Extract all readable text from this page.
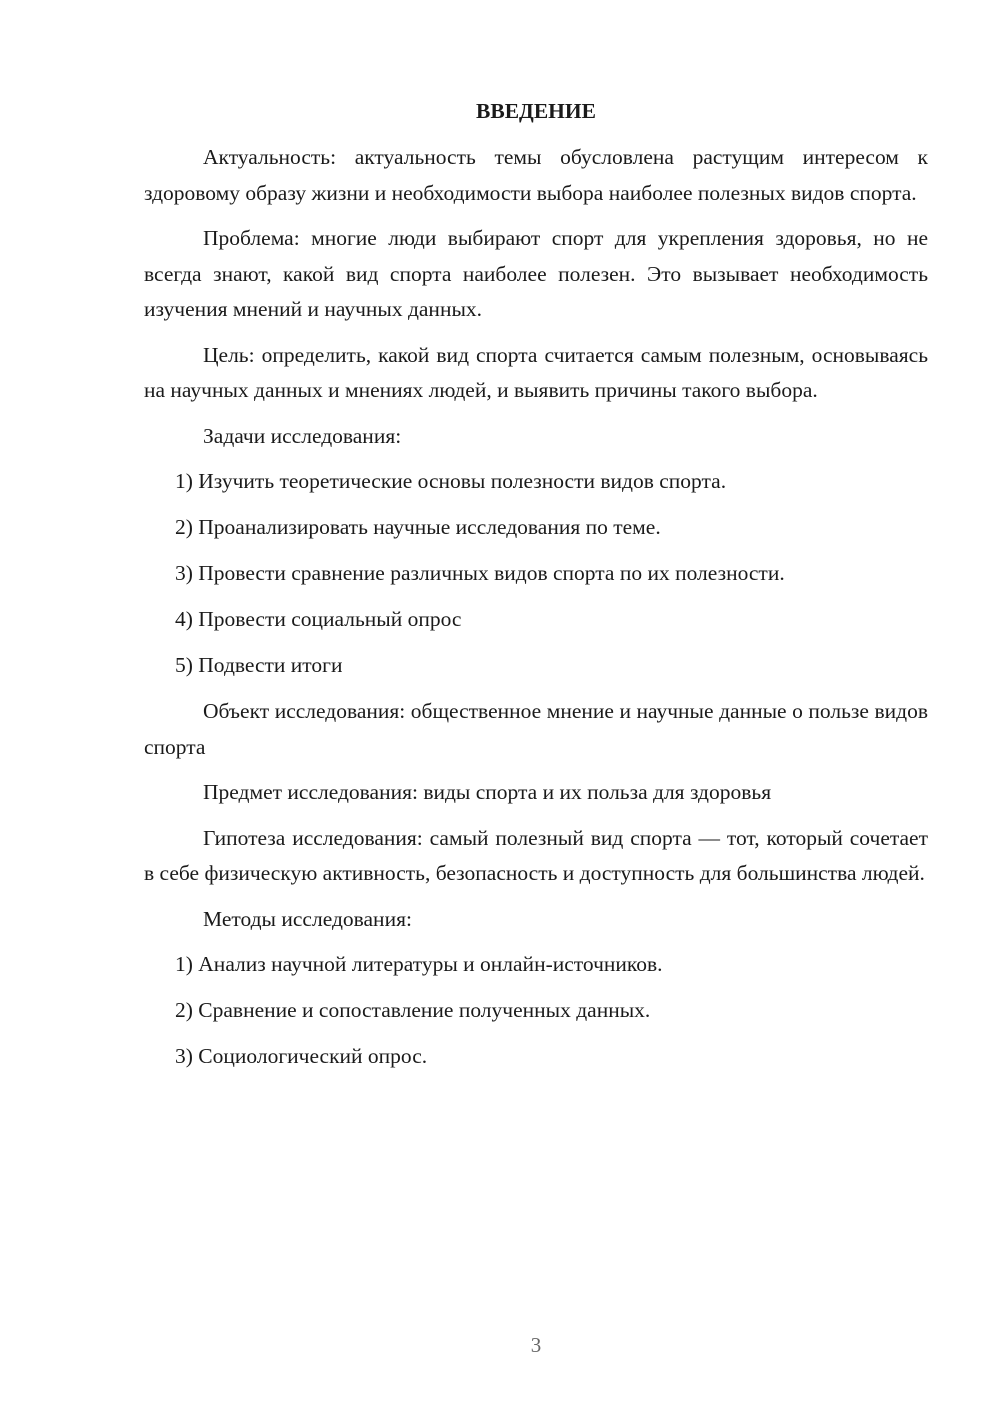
ВВЕДЕНИЕ

Актуальность: актуальность темы обусловлена растущим интересом к здоровому образу жизни и необходимости выбора наиболее полезных видов спорта.

Проблема: многие люди выбирают спорт для укрепления здоровья, но не всегда знают, какой вид спорта наиболее полезен. Это вызывает необходимость изучения мнений и научных данных.

Цель: определить, какой вид спорта считается самым полезным, основываясь на научных данных и мнениях людей, и выявить причины такого выбора.

Задачи исследования:

1) Изучить теоретические основы полезности видов спорта.

2) Проанализировать научные исследования по теме.

3) Провести сравнение различных видов спорта по их полезности.

4) Провести социальный опрос

5) Подвести итоги

Объект исследования: общественное мнение и научные данные о пользе видов спорта

Предмет исследования: виды спорта и их польза для здоровья

Гипотеза исследования: самый полезный вид спорта — тот, который сочетает в себе физическую активность, безопасность и доступность для большинства людей.

Методы исследования:

1) Анализ научной литературы и онлайн-источников.

2) Сравнение и сопоставление полученных данных.

3) Социологический опрос.

3
